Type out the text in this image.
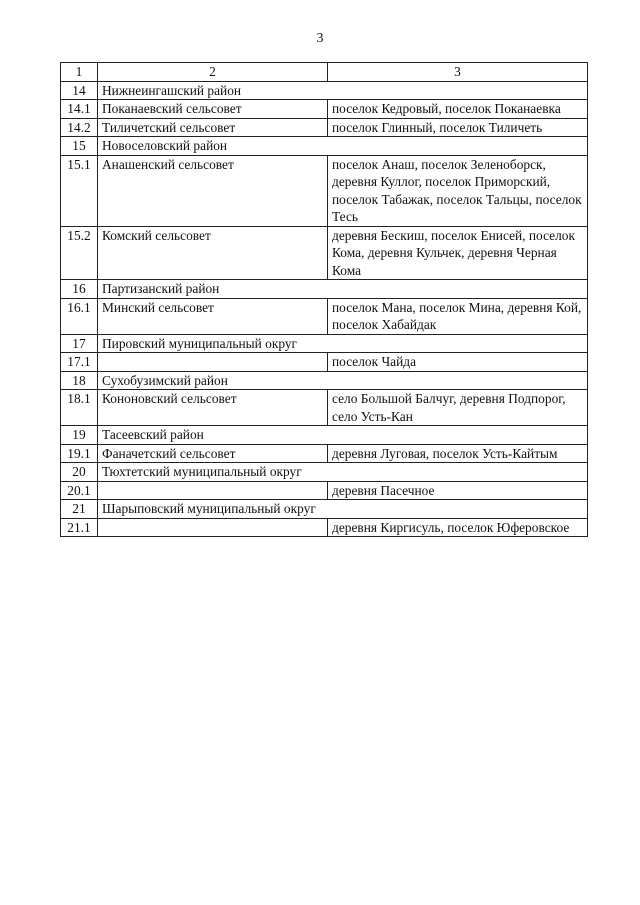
3
1	2	3
14	Нижнеингашский район	
14.1	Поканаевский сельсовет	поселок Кедровый, поселок Поканаевка
14.2	Тиличетский сельсовет	поселок Глинный, поселок Тиличеть
15	Новоселовский район	
15.1	Анашенский сельсовет	поселок Анаш, поселок Зеленоборск, деревня Куллог, поселок Приморский, поселок Табажак, поселок Тальцы, поселок Тесь
15.2	Комский сельсовет	деревня Бескиш, поселок Енисей, поселок Кома, деревня Кульчек, деревня Черная Кома
16	Партизанский район	
16.1	Минский сельсовет	поселок Мана, поселок Мина, деревня Кой, поселок Хабайдак
17	Пировский муниципальный округ	
17.1		поселок Чайда
18	Сухобузимский район	
18.1	Кононовский сельсовет	село Большой Балчуг, деревня Подпорог, село Усть-Кан
19	Тасеевский район	
19.1	Фаначетский сельсовет	деревня Луговая, поселок Усть-Кайтым
20	Тюхтетский муниципальный округ	
20.1		деревня Пасечное
21	Шарыповский муниципальный округ	
21.1		деревня Киргисуль, поселок Юферовское
